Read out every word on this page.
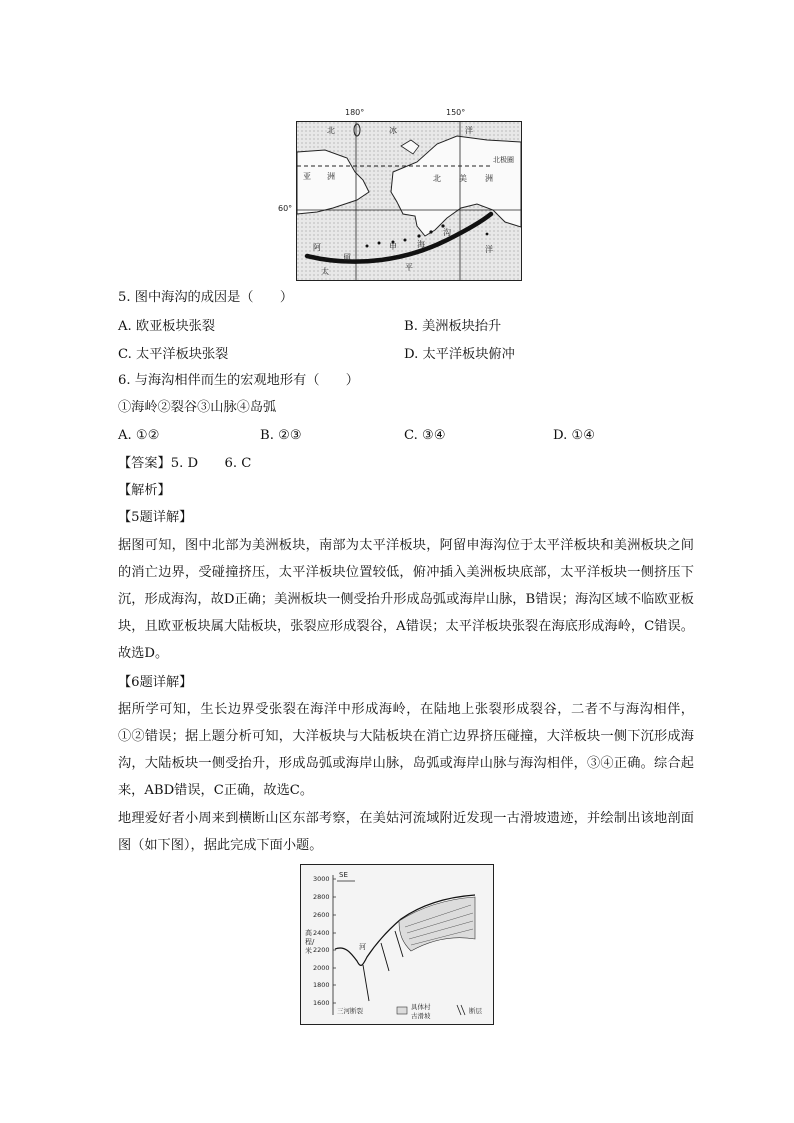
180°	150°
60°
北	冰	洋
北极圈
亚 洲	北 美 洲
阿
留
申	海
沟
洋
太	平
5. 图中海沟的成因是（　　）
A. 欧亚板块张裂	B. 美洲板块抬升
C. 太平洋板块张裂	D. 太平洋板块俯冲
6. 与海沟相伴而生的宏观地形有（　　）
①海岭②裂谷③山脉④岛弧
A. ①②	B. ②③	C. ③④	D. ①④
【答案】5. D　　6. C
【解析】
【5题详解】
据图可知，图中北部为美洲板块，南部为太平洋板块，阿留申海沟位于太平洋板块和美洲板块之间的消亡边界，受碰撞挤压，太平洋板块位置较低，俯冲插入美洲板块底部，太平洋板块一侧挤压下沉，形成海沟，故D正确；美洲板块一侧受抬升形成岛弧或海岸山脉，B错误；海沟区域不临欧亚板块，且欧亚板块属大陆板块，张裂应形成裂谷，A错误；太平洋板块张裂在海底形成海岭，C错误。故选D。
【6题详解】
据所学可知，生长边界受张裂在海洋中形成海岭，在陆地上张裂形成裂谷，二者不与海沟相伴，①②错误；据上题分析可知，大洋板块与大陆板块在消亡边界挤压碰撞，大洋板块一侧下沉形成海沟，大陆板块一侧受抬升，形成岛弧或海岸山脉，岛弧或海岸山脉与海沟相伴，③④正确。综合起来，ABD错误，C正确，故选C。
地理爱好者小周来到横断山区东部考察，在美姑河流域附近发现一古滑坡遗迹，并绘制出该地剖面图（如下图），据此完成下面小题。
SE
高程/米
3000
2800
2600
2400
2200
2000
1800
1600
河
三河断裂	具体村
古滑坡
断层
